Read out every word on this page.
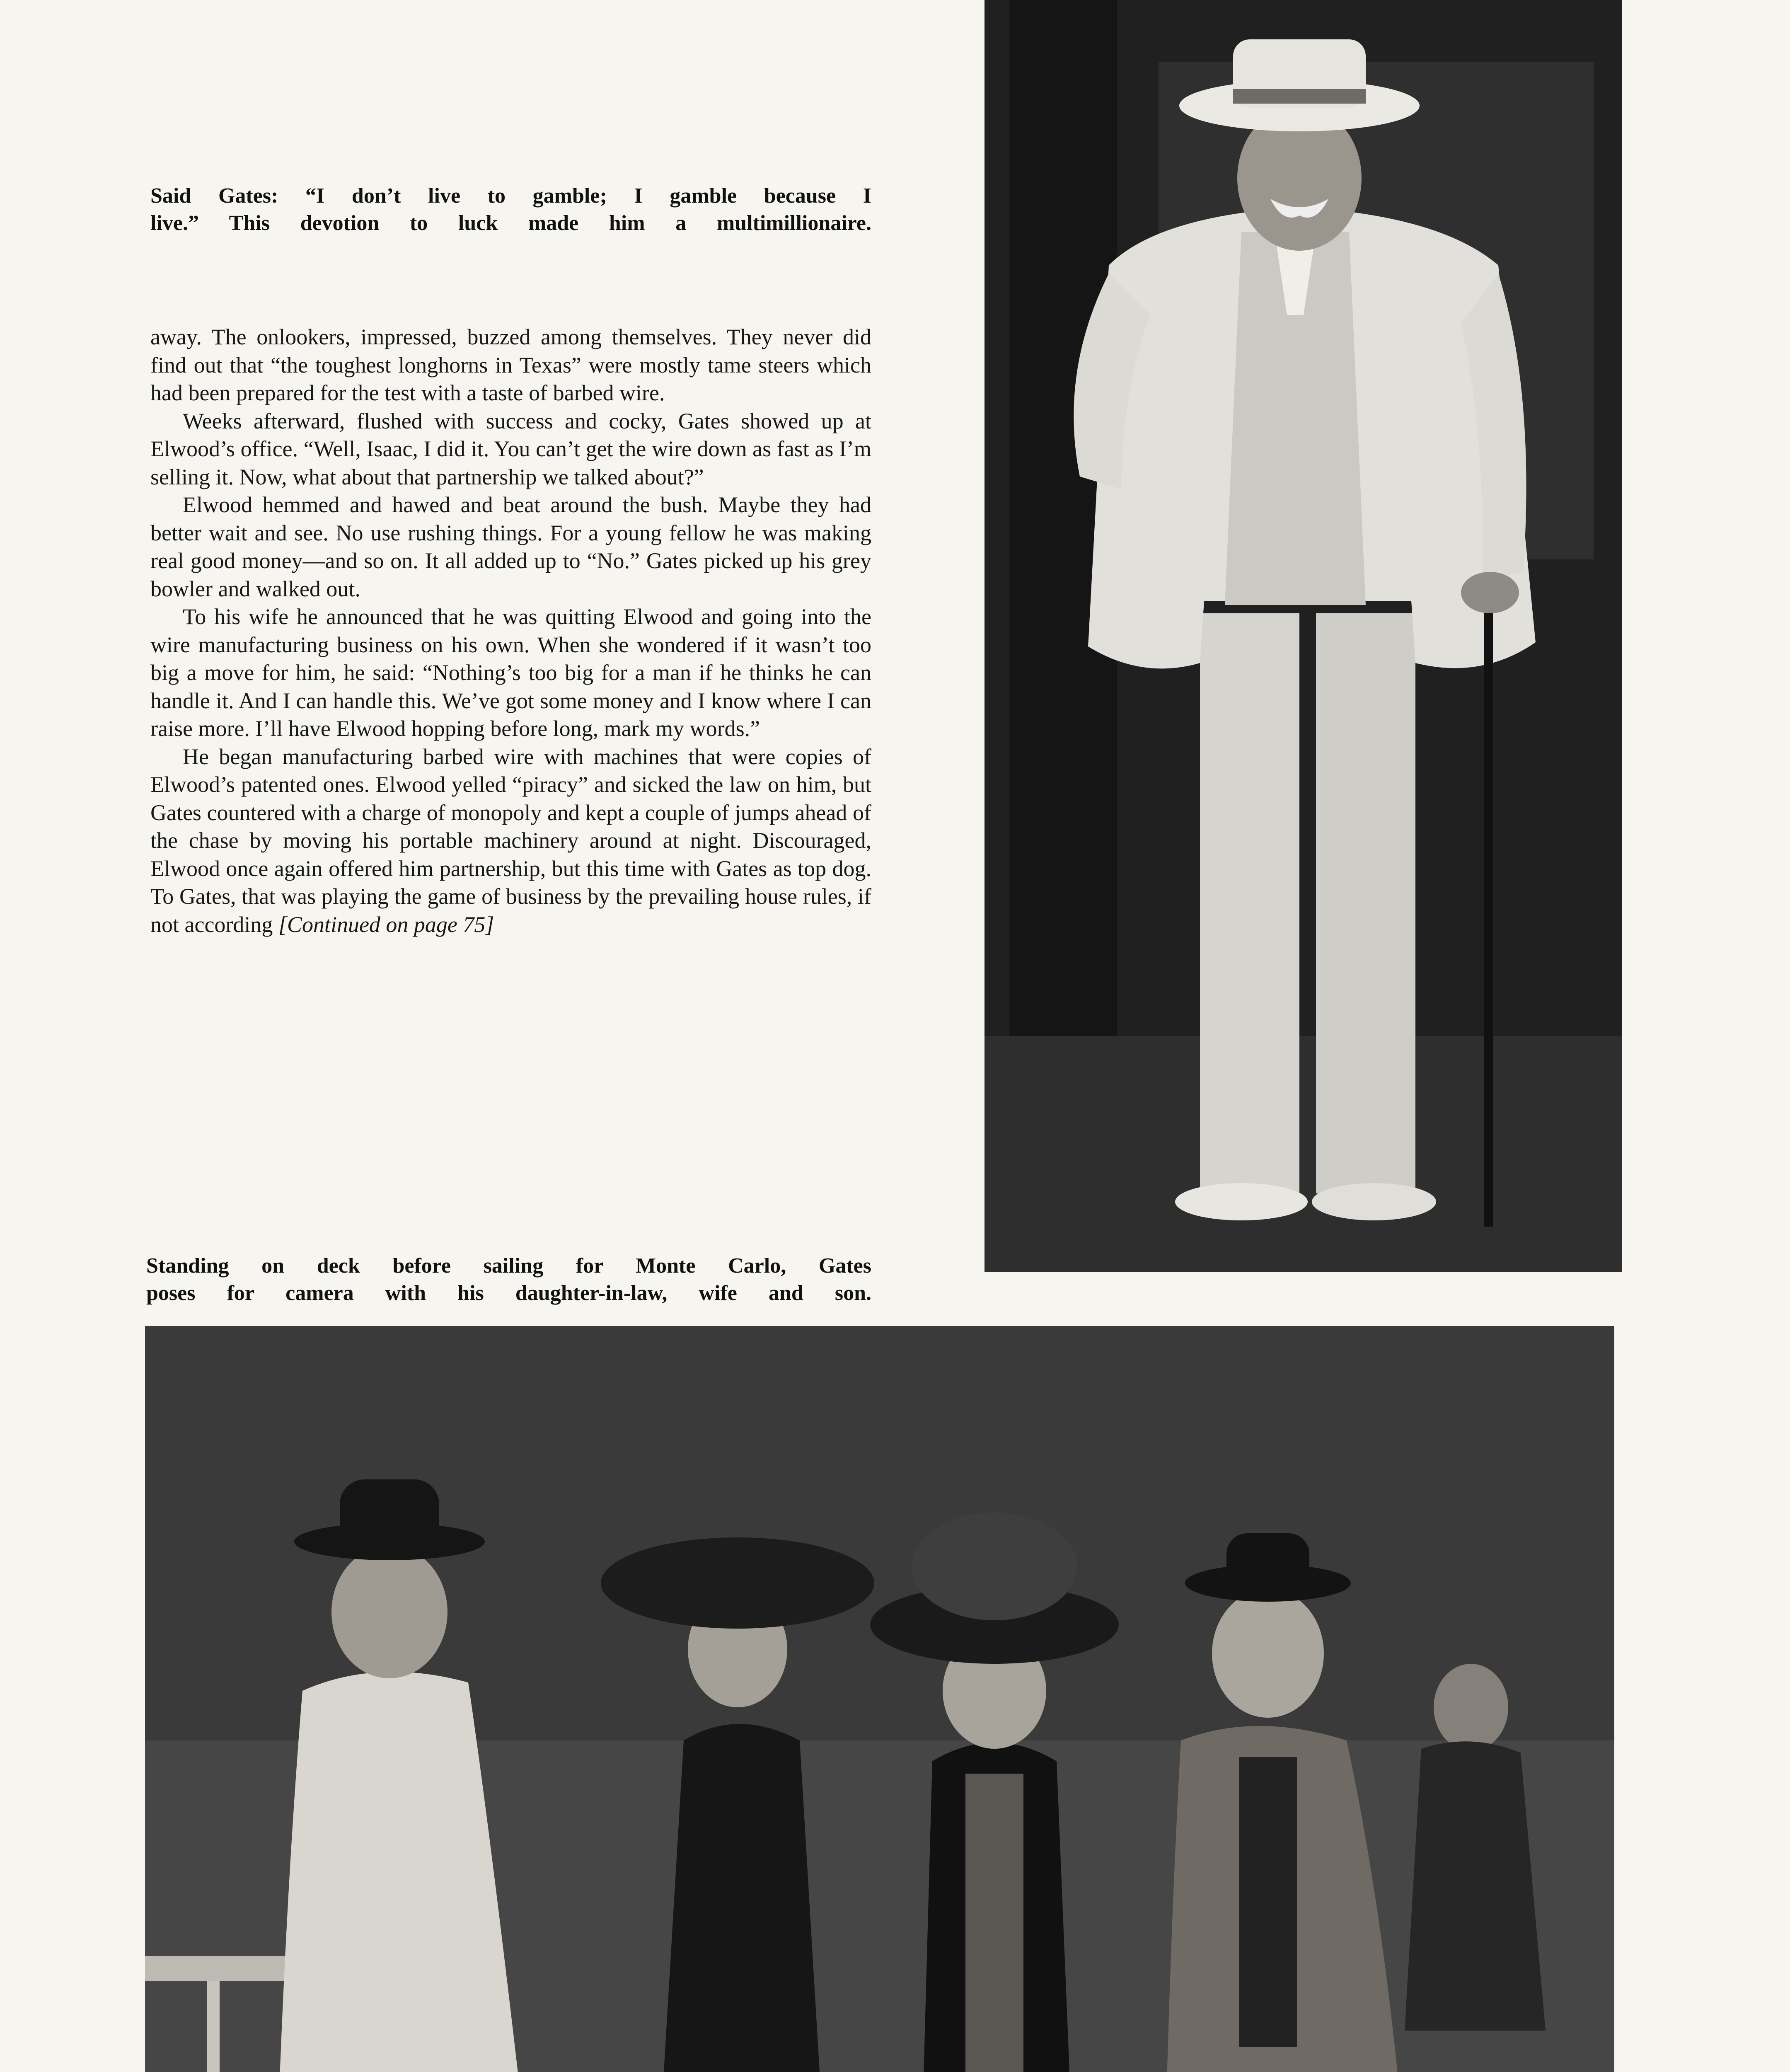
Said Gates: “I don’t live to gamble; I gamble because I
live.” This devotion to luck made him a multimillionaire.

away. The onlookers, impressed, buzzed among themselves. They never did find out that “the toughest longhorns in Texas” were mostly tame steers which had been prepared for the test with a taste of barbed wire.

Weeks afterward, flushed with success and cocky, Gates showed up at Elwood’s office. “Well, Isaac, I did it. You can’t get the wire down as fast as I’m selling it. Now, what about that partnership we talked about?”

Elwood hemmed and hawed and beat around the bush. Maybe they had better wait and see. No use rushing things. For a young fellow he was making real good money—and so on. It all added up to “No.” Gates picked up his grey bowler and walked out.

To his wife he announced that he was quitting Elwood and going into the wire manufacturing business on his own. When she wondered if it wasn’t too big a move for him, he said: “Nothing’s too big for a man if he thinks he can handle it. And I can handle this. We’ve got some money and I know where I can raise more. I’ll have Elwood hopping before long, mark my words.”

He began manufacturing barbed wire with machines that were copies of Elwood’s patented ones. Elwood yelled “piracy” and sicked the law on him, but Gates countered with a charge of monopoly and kept a couple of jumps ahead of the chase by moving his portable machinery around at night. Discouraged, Elwood once again offered him partnership, but this time with Gates as top dog. To Gates, that was playing the game of business by the prevailing house rules, if not according [Continued on page 75]

Standing on deck before sailing for Monte Carlo, Gates
poses for camera with his daughter-in-law, wife and son.
